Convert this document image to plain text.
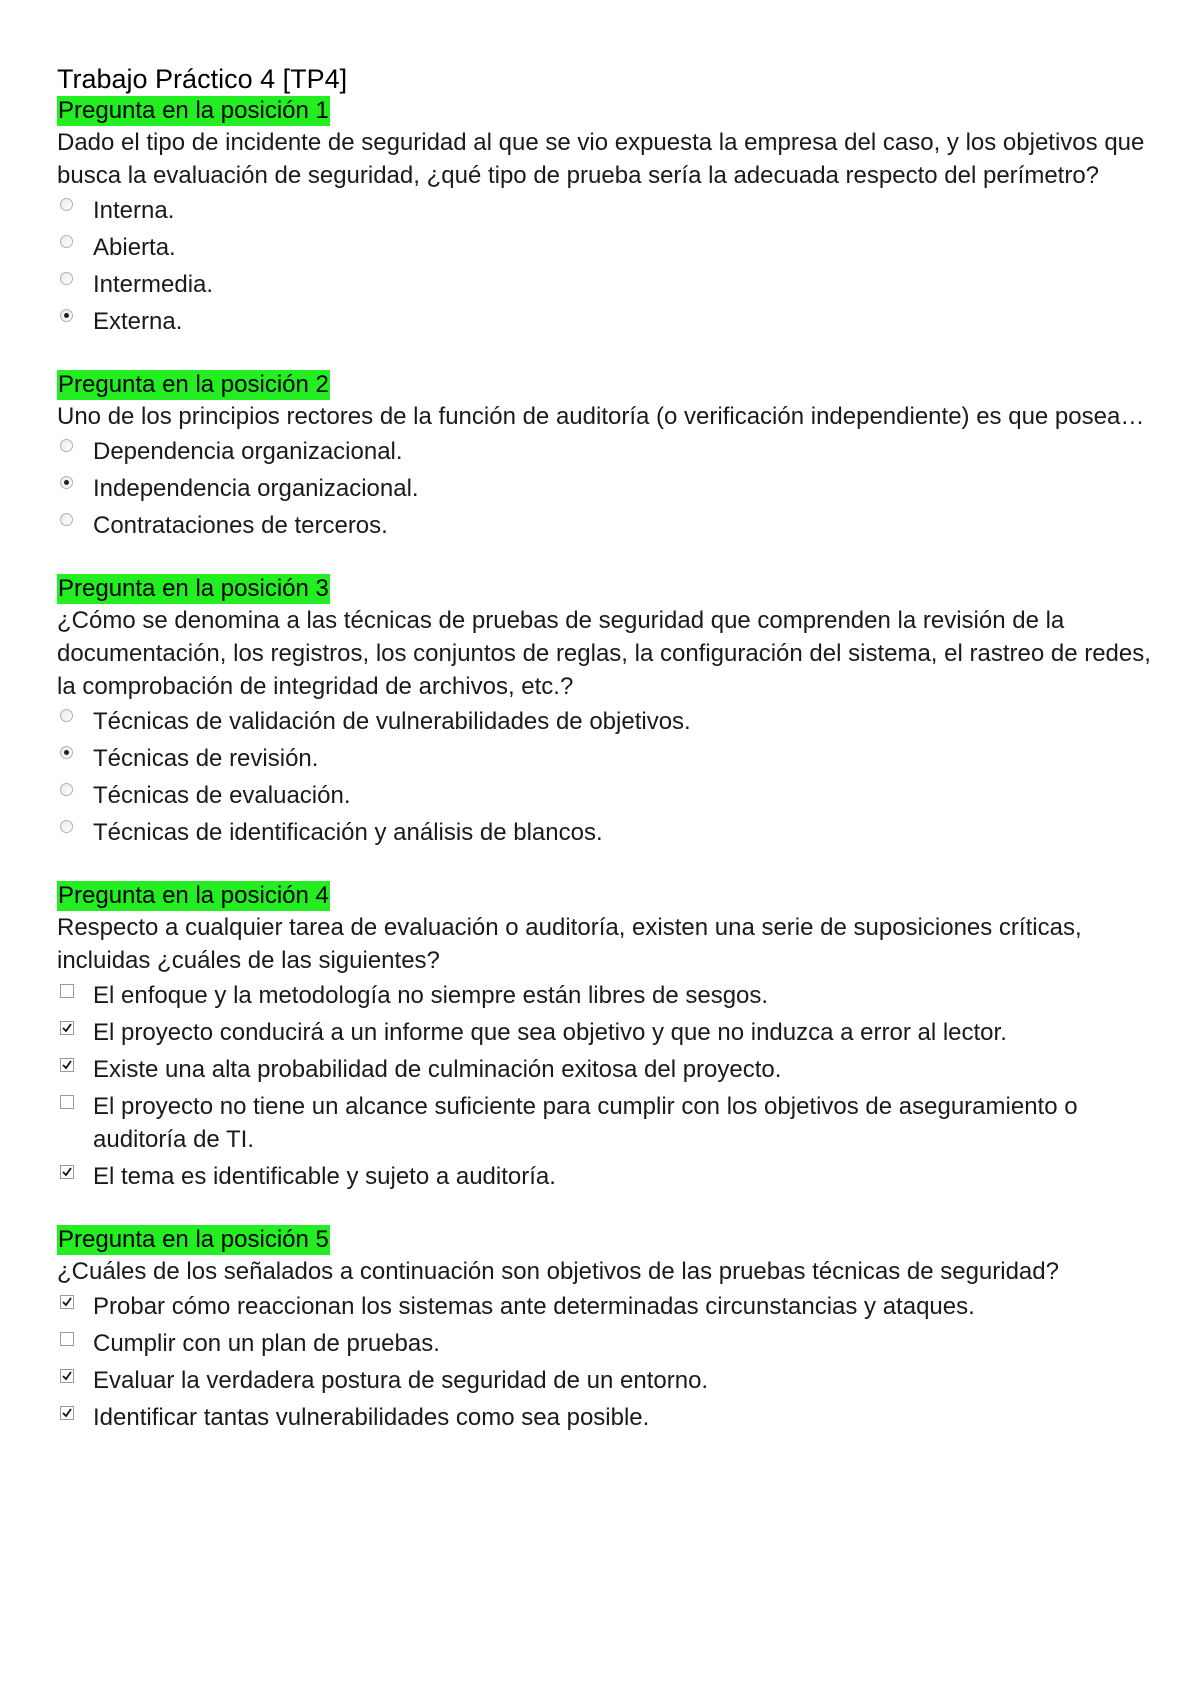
Trabajo Práctico 4 [TP4]
Pregunta en la posición 1

Dado el tipo de incidente de seguridad al que se vio expuesta la empresa del caso, y los objetivos que busca la evaluación de seguridad, ¿qué tipo de prueba sería la adecuada respecto del perímetro?

Interna.
Abierta.
Intermedia.
Externa.
Pregunta en la posición 2

Uno de los principios rectores de la función de auditoría (o verificación independiente) es que posea…

Dependencia organizacional.
Independencia organizacional.
Contrataciones de terceros.
Pregunta en la posición 3

¿Cómo se denomina a las técnicas de pruebas de seguridad que comprenden la revisión de la documentación, los registros, los conjuntos de reglas, la configuración del sistema, el rastreo de redes, la comprobación de integridad de archivos, etc.?

Técnicas de validación de vulnerabilidades de objetivos.
Técnicas de revisión.
Técnicas de evaluación.
Técnicas de identificación y análisis de blancos.
Pregunta en la posición 4

Respecto a cualquier tarea de evaluación o auditoría, existen una serie de suposiciones críticas, incluidas ¿cuáles de las siguientes?

El enfoque y la metodología no siempre están libres de sesgos.
El proyecto conducirá a un informe que sea objetivo y que no induzca a error al lector.
Existe una alta probabilidad de culminación exitosa del proyecto.
El proyecto no tiene un alcance suficiente para cumplir con los objetivos de aseguramiento o auditoría de TI.
El tema es identificable y sujeto a auditoría.
Pregunta en la posición 5

¿Cuáles de los señalados a continuación son objetivos de las pruebas técnicas de seguridad?

Probar cómo reaccionan los sistemas ante determinadas circunstancias y ataques.
Cumplir con un plan de pruebas.
Evaluar la verdadera postura de seguridad de un entorno.
Identificar tantas vulnerabilidades como sea posible.
